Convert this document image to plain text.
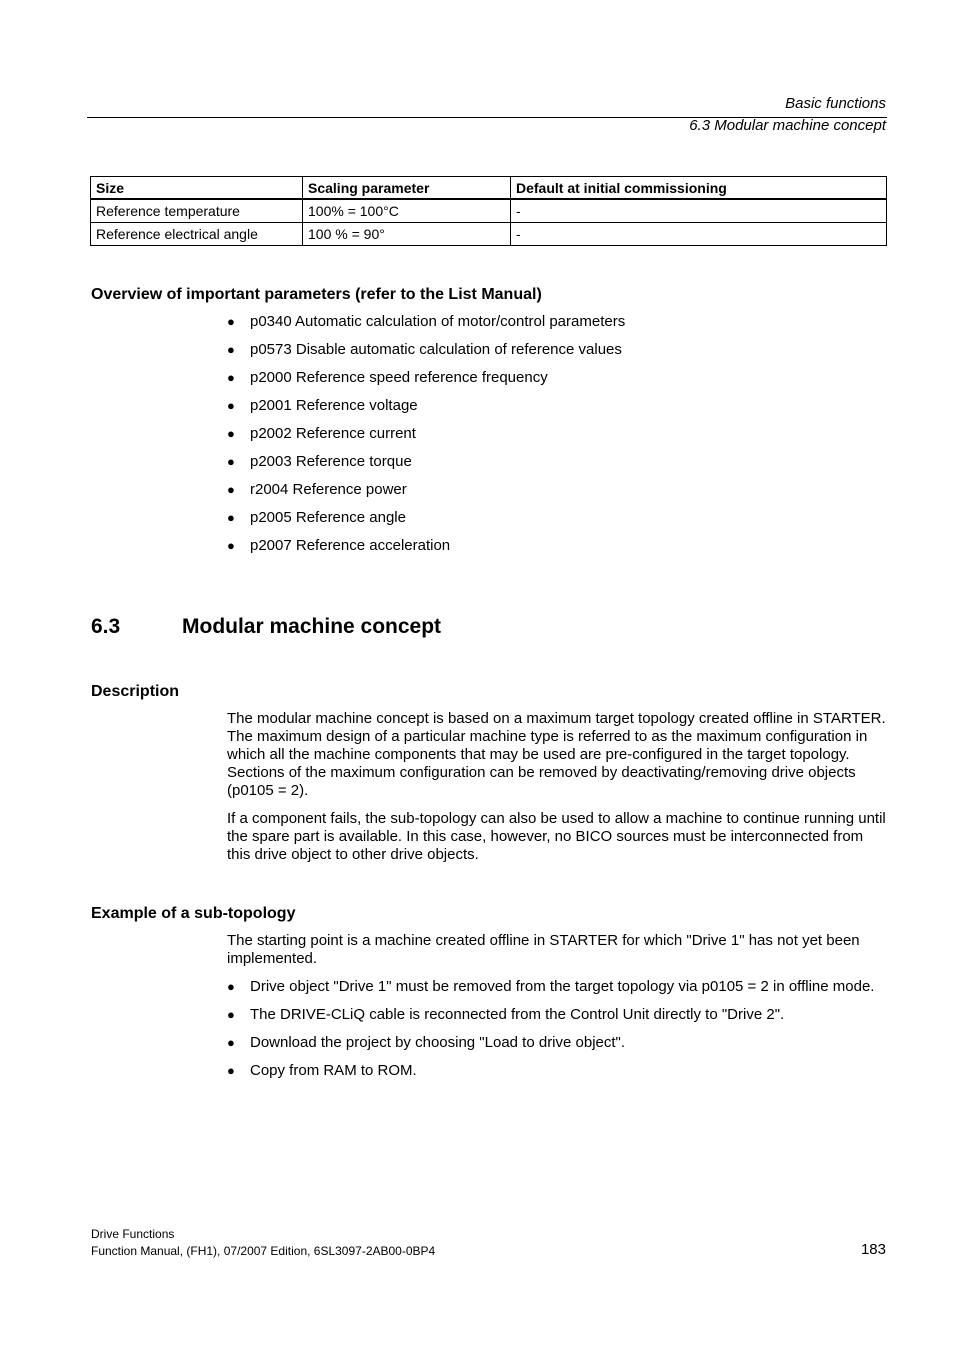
Basic functions
6.3 Modular machine concept
Size	Scaling parameter	Default at initial commissioning
Reference temperature	100% = 100°C	-
Reference electrical angle	100 % = 90°	-
Overview of important parameters (refer to the List Manual)
● p0340 Automatic calculation of motor/control parameters
● p0573 Disable automatic calculation of reference values
● p2000 Reference speed reference frequency
● p2001 Reference voltage
● p2002 Reference current
● p2003 Reference torque
● r2004 Reference power
● p2005 Reference angle
● p2007 Reference acceleration
6.3	Modular machine concept
Description

The modular machine concept is based on a maximum target topology created offline in STARTER. The maximum design of a particular machine type is referred to as the maximum configuration in which all the machine components that may be used are pre-configured in the target topology. Sections of the maximum configuration can be removed by deactivating/removing drive objects (p0105 = 2).

If a component fails, the sub-topology can also be used to allow a machine to continue running until the spare part is available. In this case, however, no BICO sources must be interconnected from this drive object to other drive objects.

Example of a sub-topology

The starting point is a machine created offline in STARTER for which "Drive 1" has not yet been implemented.

● Drive object "Drive 1" must be removed from the target topology via p0105 = 2 in offline mode.
● The DRIVE-CLiQ cable is reconnected from the Control Unit directly to "Drive 2".
● Download the project by choosing "Load to drive object".
● Copy from RAM to ROM.
Drive Functions
Function Manual, (FH1), 07/2007 Edition, 6SL3097-2AB00-0BP4	183
